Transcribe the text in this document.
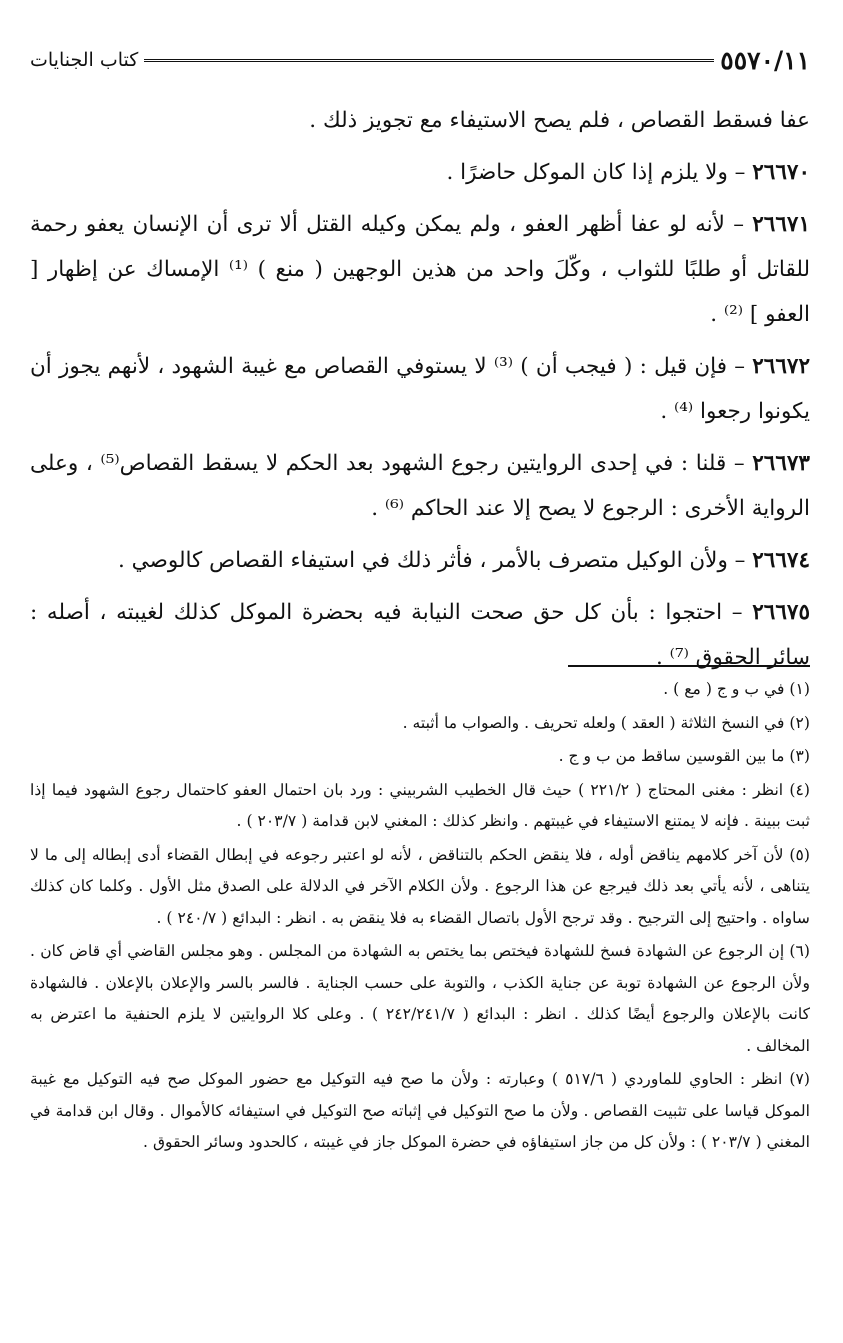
٥٥٧٠/١١
كتاب الجنايات

عفا فسقط القصاص ، فلم يصح الاستيفاء مع تجويز ذلك .

٢٦٦٧٠ – ولا يلزم إذا كان الموكل حاضرًا .

٢٦٦٧١ – لأنه لو عفا أظهر العفو ، ولم يمكن وكيله القتل ألا ترى أن الإنسان يعفو رحمة للقاتل أو طلبًا للثواب ، وكّلَ واحد من هذين الوجهين ( منع ) ⁽¹⁾ الإمساك عن إظهار [ العفو ] ⁽²⁾ .

٢٦٦٧٢ – فإن قيل : ( فيجب أن ) ⁽³⁾ لا يستوفي القصاص مع غيبة الشهود ، لأنهم يجوز أن يكونوا رجعوا ⁽⁴⁾ .

٢٦٦٧٣ – قلنا : في إحدى الروايتين رجوع الشهود بعد الحكم لا يسقط القصاص⁽⁵⁾ ، وعلى الرواية الأخرى : الرجوع لا يصح إلا عند الحاكم ⁽⁶⁾ .

٢٦٦٧٤ – ولأن الوكيل متصرف بالأمر ، فأثر ذلك في استيفاء القصاص كالوصي .

٢٦٦٧٥ – احتجوا : بأن كل حق صحت النيابة فيه بحضرة الموكل كذلك لغيبته ، أصله : سائر الحقوق ⁽⁷⁾ .

(١) في ب و ج ( مع ) .

(٢) في النسخ الثلاثة ( العقد ) ولعله تحريف . والصواب ما أثبته .

(٣) ما بين القوسين ساقط من ب و ج .

(٤) انظر : مغنى المحتاج ( ٢٢١/٢ ) حيث قال الخطيب الشربيني : ورد بان احتمال العفو كاحتمال رجوع الشهود فيما إذا ثبت ببينة . فإنه لا يمتنع الاستيفاء في غيبتهم . وانظر كذلك : المغني لابن قدامة ( ٢٠٣/٧ ) .

(٥) لأن آخر كلامهم يناقض أوله ، فلا ينقض الحكم بالتناقض ، لأنه لو اعتبر رجوعه في إبطال القضاء أدى إبطاله إلى ما لا يتناهى ، لأنه يأتي بعد ذلك فيرجع عن هذا الرجوع . ولأن الكلام الآخر في الدلالة على الصدق مثل الأول . وكلما كان كذلك ساواه . واحتيج إلى الترجيح . وقد ترجح الأول باتصال القضاء به فلا ينقض به . انظر : البدائع ( ٢٤٠/٧ ) .

(٦) إن الرجوع عن الشهادة فسخ للشهادة فيختص بما يختص به الشهادة من المجلس . وهو مجلس القاضي أي قاض كان . ولأن الرجوع عن الشهادة توبة عن جناية الكذب ، والتوبة على حسب الجناية . فالسر بالسر والإعلان بالإعلان . فالشهادة كانت بالإعلان والرجوع أيضًا كذلك . انظر : البدائع ( ٢٤٢/٢٤١/٧ ) . وعلى كلا الروايتين لا يلزم الحنفية ما اعترض به المخالف .

(٧) انظر : الحاوي للماوردي ( ٥١٧/٦ ) وعبارته : ولأن ما صح فيه التوكيل مع حضور الموكل صح فيه التوكيل مع غيبة الموكل قياسا على تثبيت القصاص . ولأن ما صح التوكيل في إثباته صح التوكيل في استيفائه كالأموال . وقال ابن قدامة في المغني ( ٢٠٣/٧ ) : ولأن كل من جاز استيفاؤه في حضرة الموكل جاز في غيبته ، كالحدود وسائر الحقوق .
